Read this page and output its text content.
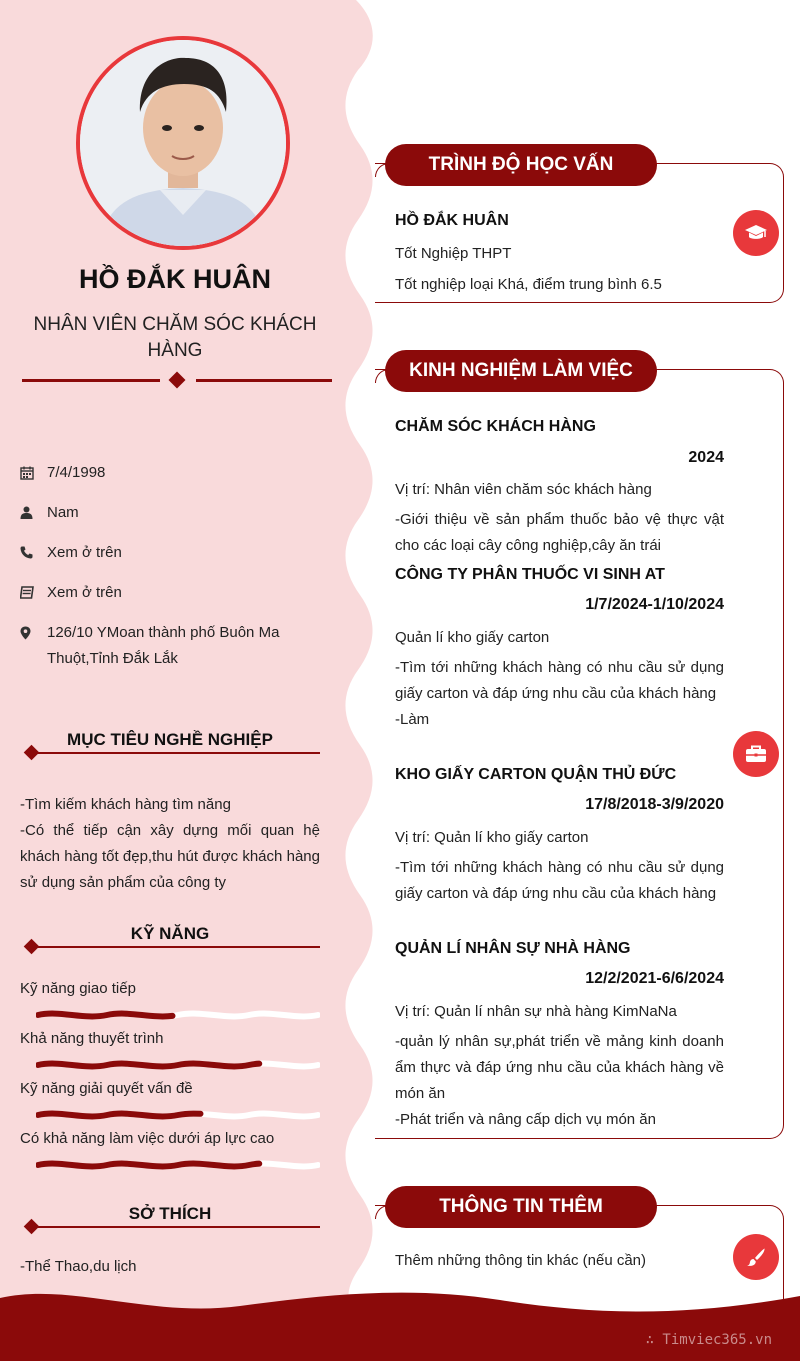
HỒ ĐẮK HUÂN
NHÂN VIÊN CHĂM SÓC KHÁCH HÀNG
7/4/1998
Nam
Xem ở trên
Xem ở trên
126/10 YMoan thành phố Buôn Ma Thuột,Tỉnh Đắk Lắk
MỤC TIÊU NGHỀ NGHIỆP
-Tìm kiếm khách hàng tìm năng
-Có thể tiếp cận xây dựng mối quan hệ khách hàng tốt đẹp,thu hút được khách hàng sử dụng sản phẩm của công ty
KỸ NĂNG
Kỹ năng giao tiếp
Khả năng thuyết trình
Kỹ năng giải quyết vấn đề
Có khả năng làm việc dưới áp lực cao
SỞ THÍCH
-Thể Thao,du lịch
TRÌNH ĐỘ HỌC VẤN
HỒ ĐẮK HUÂN
Tốt Nghiệp THPT
Tốt nghiệp loại Khá, điểm trung bình 6.5
KINH NGHIỆM LÀM VIỆC
CHĂM SÓC KHÁCH HÀNG
2024
Vị trí: Nhân viên chăm sóc khách hàng
-Giới thiệu về sản phẩm thuốc bảo vệ thực vật cho các loại cây công nghiệp,cây ăn trái
CÔNG TY PHÂN THUỐC VI SINH AT
1/7/2024-1/10/2024
Quản lí kho giấy carton
-Tìm tới những khách hàng có nhu cầu sử dụng giấy carton và đáp ứng nhu cầu của khách hàng
-Làm
KHO GIẤY CARTON QUẬN THỦ ĐỨC
17/8/2018-3/9/2020
Vị trí: Quản lí kho giấy carton
-Tìm tới những khách hàng có nhu cầu sử dụng giấy carton và đáp ứng nhu cầu của khách hàng
QUẢN LÍ NHÂN SỰ NHÀ HÀNG
12/2/2021-6/6/2024
Vị trí: Quản lí nhân sự nhà hàng KimNaNa
-quản lý nhân sự,phát triển về mảng kinh doanh ẩm thực và đáp ứng nhu cầu của khách hàng về món ăn
-Phát triển và nâng cấp dịch vụ món ăn
THÔNG TIN THÊM
Thêm những thông tin khác (nếu cần)
∴ Timviec365.vn
